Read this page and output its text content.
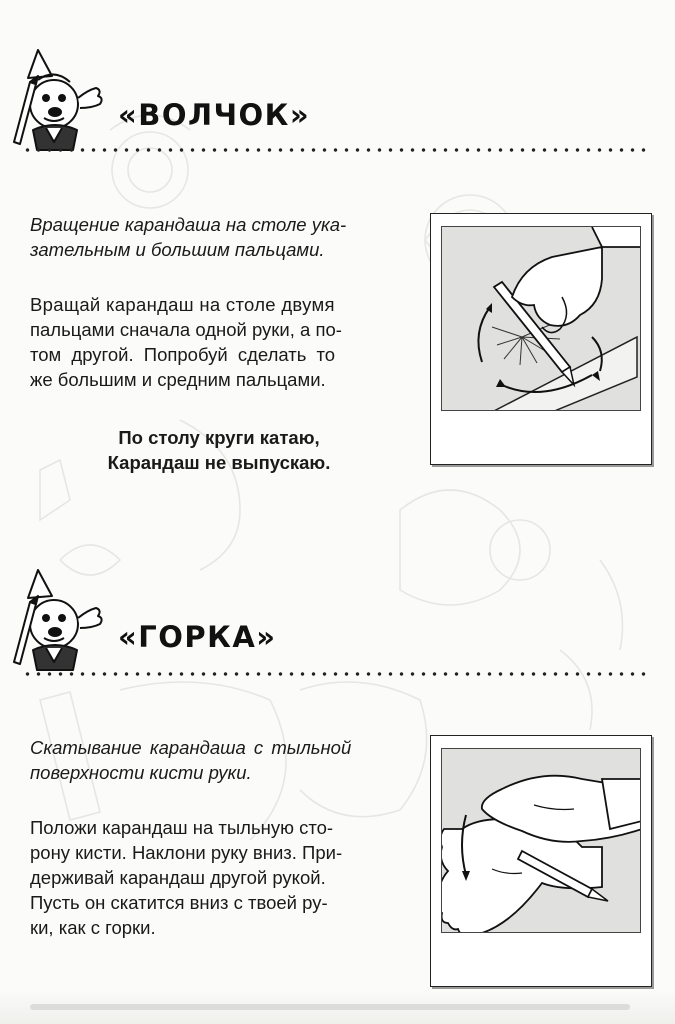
«ВОЛЧОК»
Вращение карандаша на столе ука-
зательным и большим пальцами.
Вращай карандаш на столе двумя
пальцами сначала одной руки, а по-
том другой. Попробуй сделать то
же большим и средним пальцами.
По столу круги катаю,
Карандаш не выпускаю.
«ГОРКА»
Скатывание карандаша с тыльной
поверхности кисти руки.
Положи карандаш на тыльную сто-
рону кисти. Наклони руку вниз. При-
держивай карандаш другой рукой.
Пусть он скатится вниз с твоей ру-
ки, как с горки.
